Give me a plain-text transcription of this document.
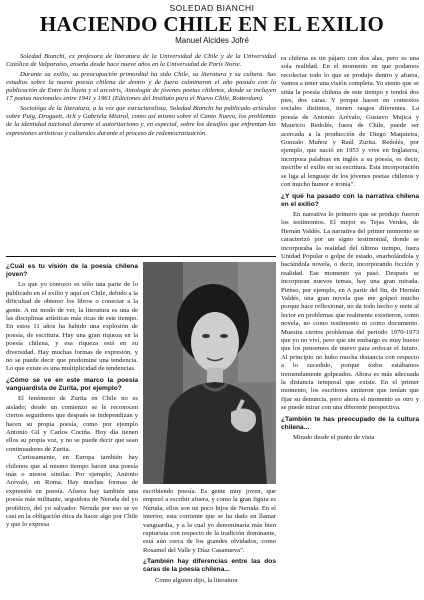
SOLEDAD BIANCHI
HACIENDO CHILE EN EL EXILIO
Manuel Alcides Jofré

Soledad Bianchi, ex profesora de literatura de la Universidad de Chile y de la Universidad Católica de Valparaíso, enseña desde hace nueve años en la Universidad de París Norte.

Durante su exilio, su preocupación primordial ha sido Chile, su literatura y su cultura. Sus estudios sobre la nueva poesía chilena de dentro y de fuera culminaron el año pasado con la publicación de Entre la lluvia y el arcoiris, Antología de jóvenes poetas chilenos, donde se incluyen 17 poetas nacionales entre 1941 y 1961 (Ediciones del Instituto para el Nuevo Chile, Rotterdam).

Sociológa de la literatura, a la vez que estructuralista, Soledad Bianchi ha publicado artículos sobre Puig, Droguett, Arlt y Gabriela Mistral, como así mismo sobre el Canto Nuevo, los problemas de la identidad nacional durante el autoritarismo y, en especial, sobre los desafíos que enfrentan las expresiones artísticas y culturales durante el proceso de redemocratización.

¿Cuál es tu visión de la poesía chilena joven?

Lo que yo conozco es sólo una parte de lo publicado en el exilio y aquí en Chile, debido a la dificultad de obtener los libros o conectar a la gente. A mi modo de ver, la literatura es una de las disciplinas artísticas más ricas de este tiempo. En estos 11 años ha habido una explosión de poesía, de escritura. Hay una gran riqueza en la poesía chilena, y esa riqueza está en su diversidad. Hay muchas formas de expresión, y no se puede decir que predomine una tendencia. Lo que existe es una multiplicidad de tendencias.

¿Cómo se ve en este marco la poesía vanguardista de Zurita, por ejemplo?

El fenómeno de Zurita en Chile no es aislado; desde un comienzo se le reconocen ciertos seguidores que después se independizan y hacen su propia poesía, como por ejemplo Antonio Gil y Carlos Cociña. Hoy día tienen ellos su propia voz, y no se puede decir que sean continuadores de Zurita.

Curiosamente, en Europa también hay chilenos que al mismo tiempo hacen una poesía más o menos similar. Por ejemplo, Antonio Arévalo, en Roma. Hay muchas formas de expresión en poesía. Afuera hay también una poesía más militante, seguidora de Neruda del yo profético, del yo salvador. Neruda por eso se ve casi en la obligación ética de hacer algo por Chile y que lo expresa

escribiendo poesía. Es gente muy joven, que empezó a escribir afuera, y como la gran figura es Neruda, ellos son un poco hijos de Neruda. En el interior, esta corriente que se ha dado en llamar vanguardia, y a la cual yo denominaría más bien rupturista con respecto de la tradición dominante, está aún cerca de los grandes olvidados, como Rosamel del Valle y Díaz Casanueva".

¿También hay diferencias entre las dos caras de la poesía chilena...

Como alguien dijo, la literatura

ra chilena es un pájaro con dos alas, pero es una sola realidad. En el momento en que podamos recolectar todo lo que se produjo dentro y afuera, vamos a tener una visión completa. Yo siento que se sitúa la poesía chilena de este tiempo y tendrá dos pies, dos caras. Y porque hacen en contextos sociales distintos, tienen rasgos diferentes. La poesía de Antonio Arévalo, Gustavo Mujica y Mauricio Redolés, fuera de Chile, puede ser acercada a la producción de Diego Maquieira, Gonzalo Muñoz y Raúl Zurita. Redolés, por ejemplo, que nació en 1953 y vive en Inglaterra, incorpora palabras en inglés a su poesía, es decir, inscribe el exilio en su escritura. Esta incorporación se liga al lenguaje de los jóvenes poetas chilenos y con mucho humor e ironía".

¿Y qué ha pasado con la narrativa chilena en el exilio?

En narrativa lo primero que se produjo fueron los testimonios. El mejor es Tejas Verdes, de Hernán Valdés. La narrativa del primer momento se caracterizó por un signo testimonial, donde se incorporaba la realidad del último tiempo, fuera Unidad Popular o golpe de estado, enarbolándola y haciéndola novela, o decir, incorporando ficción y realidad. Ese momento ya pasó. Después se incorporan nuevos temas, hay una gran mirada. Pienso, por ejemplo, en A partir del fin, de Hernán Valdés, una gran novela que me golpeó mucho porque hace reflexionar, no da todo hecho y mete al lector en problemas que realmente existieron, como novela, no como testimonio ni como documento. Muestra ciertos problemas del período 1970-1973 que yo no viví, pero que sin embargo es muy bueno que los pensemos de nuevo para enfocar el futuro. Al principio no hubo mucha distancia con respecto a lo sucedido, porque todos estábamos tremendamente golpeados. Ahora es más adecuada la distancia temporal que existe. En el primer momento, los escritores sintieron que tenían que fijar su denuncia, pero ahora el momento es otro y se puede mirar con una diferente perspectiva.

¿También te has preocupado de la cultura chilena...

Mirado desde el punto de vista
